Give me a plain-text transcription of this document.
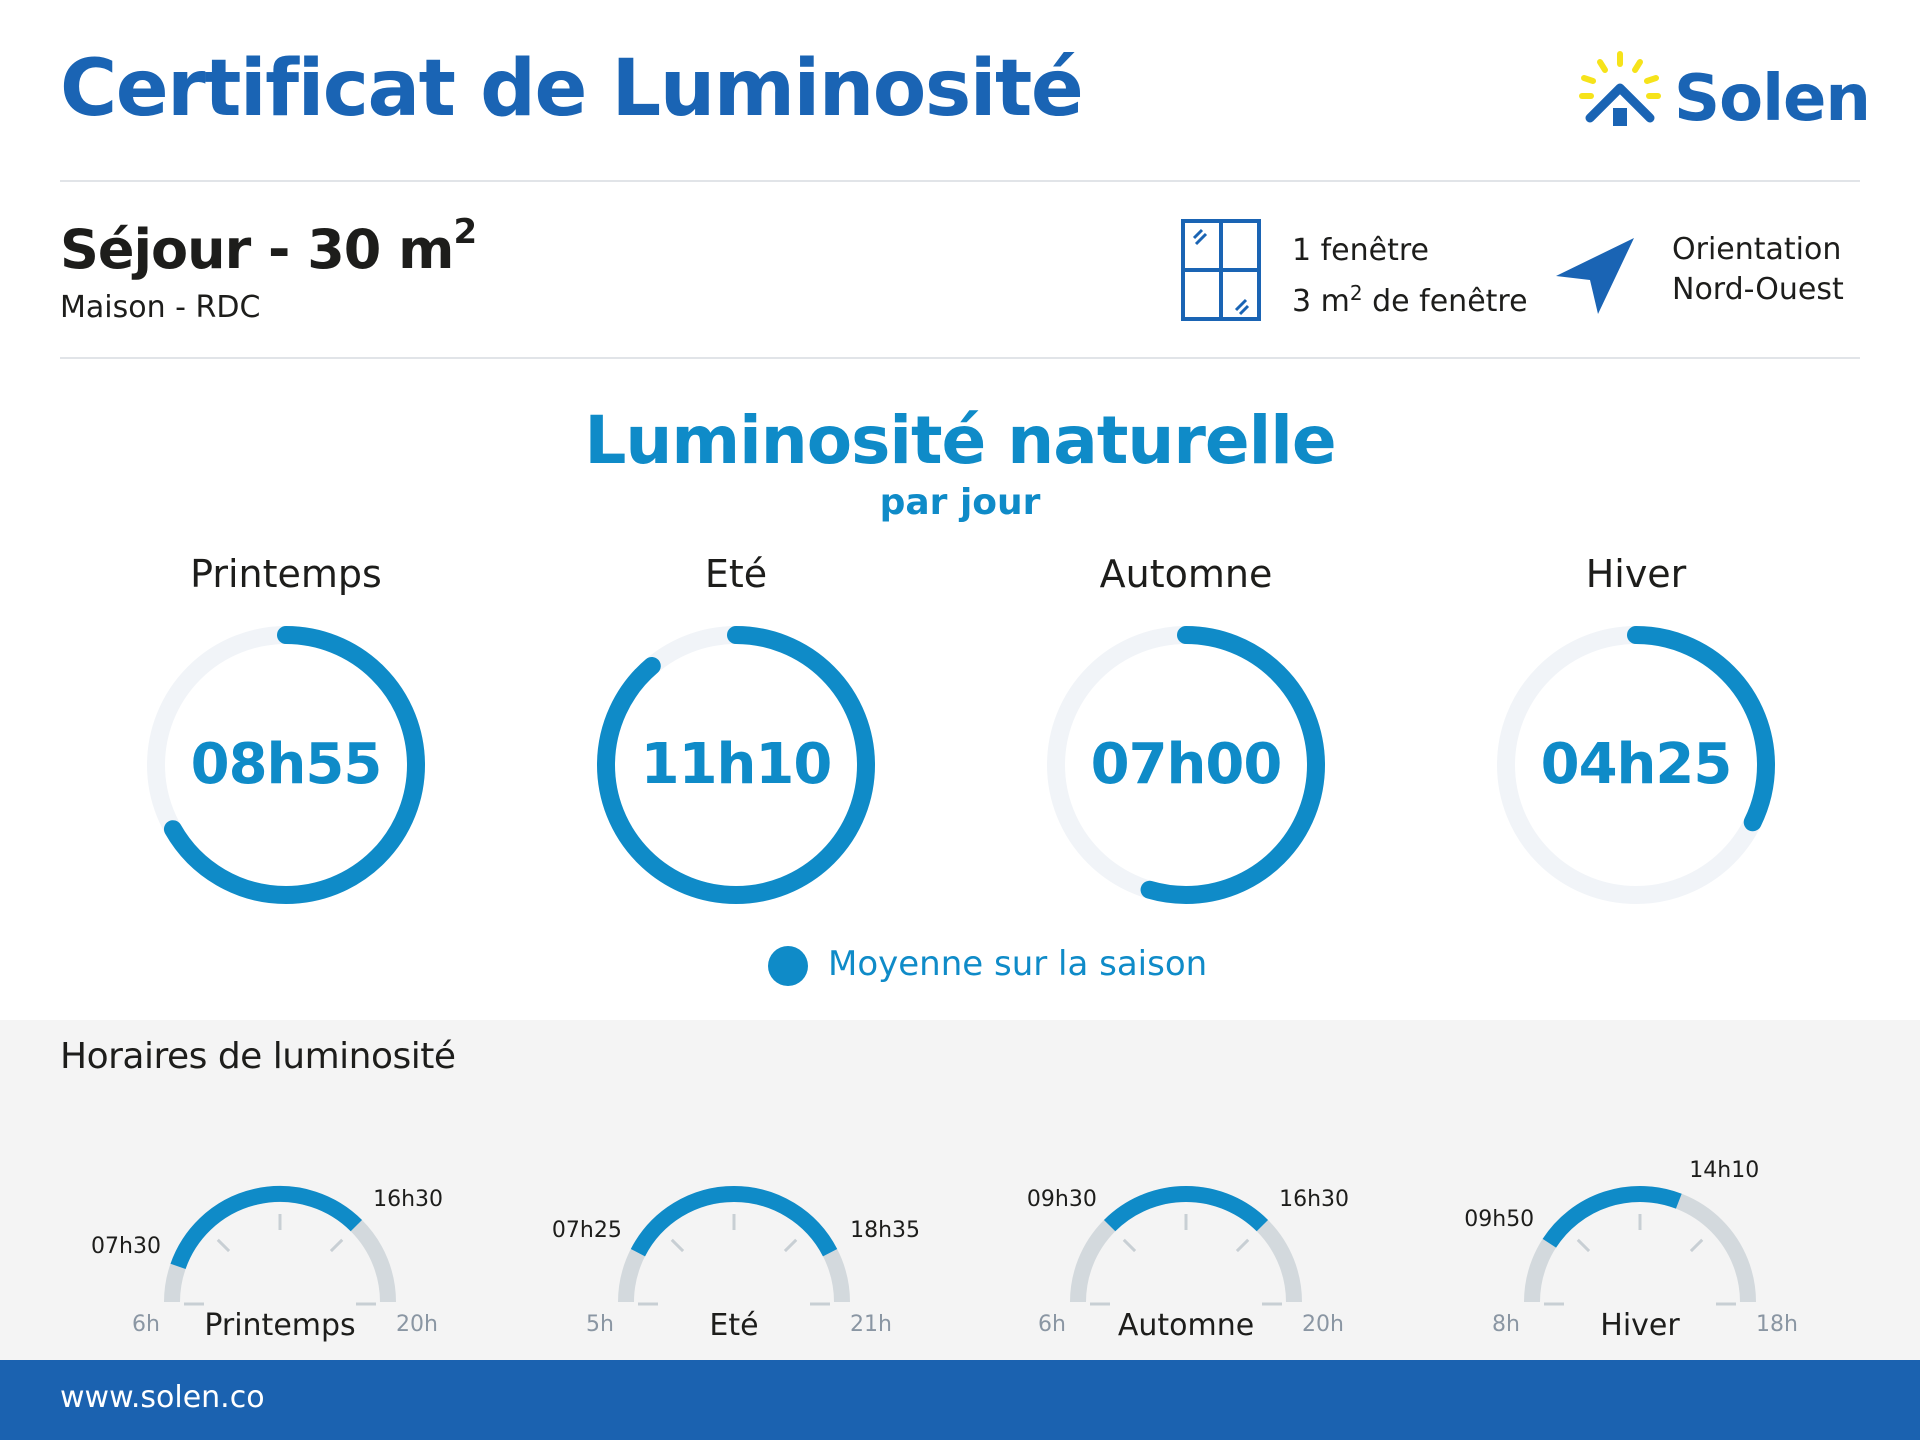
Certificat de Luminosité	Solen
Séjour - 30 $m^2$
Maison - RDC
1 fenêtre
3 $m^2$ de fenêtre
Orientation
Nord-Ouest
Luminosité naturelle
par jour
Printemps	Eté	Automne	Hiver
08h55	11h10	07h00	04h25
Moyenne sur la saison
Horaires de luminosité
07h30
16h30
6h	20h
Printemps
07h25	18h35
5h	21h
Eté
09h30	16h30
6h	20h
Automne
09h50
14h10
8h	18h
Hiver
www.solen.co
